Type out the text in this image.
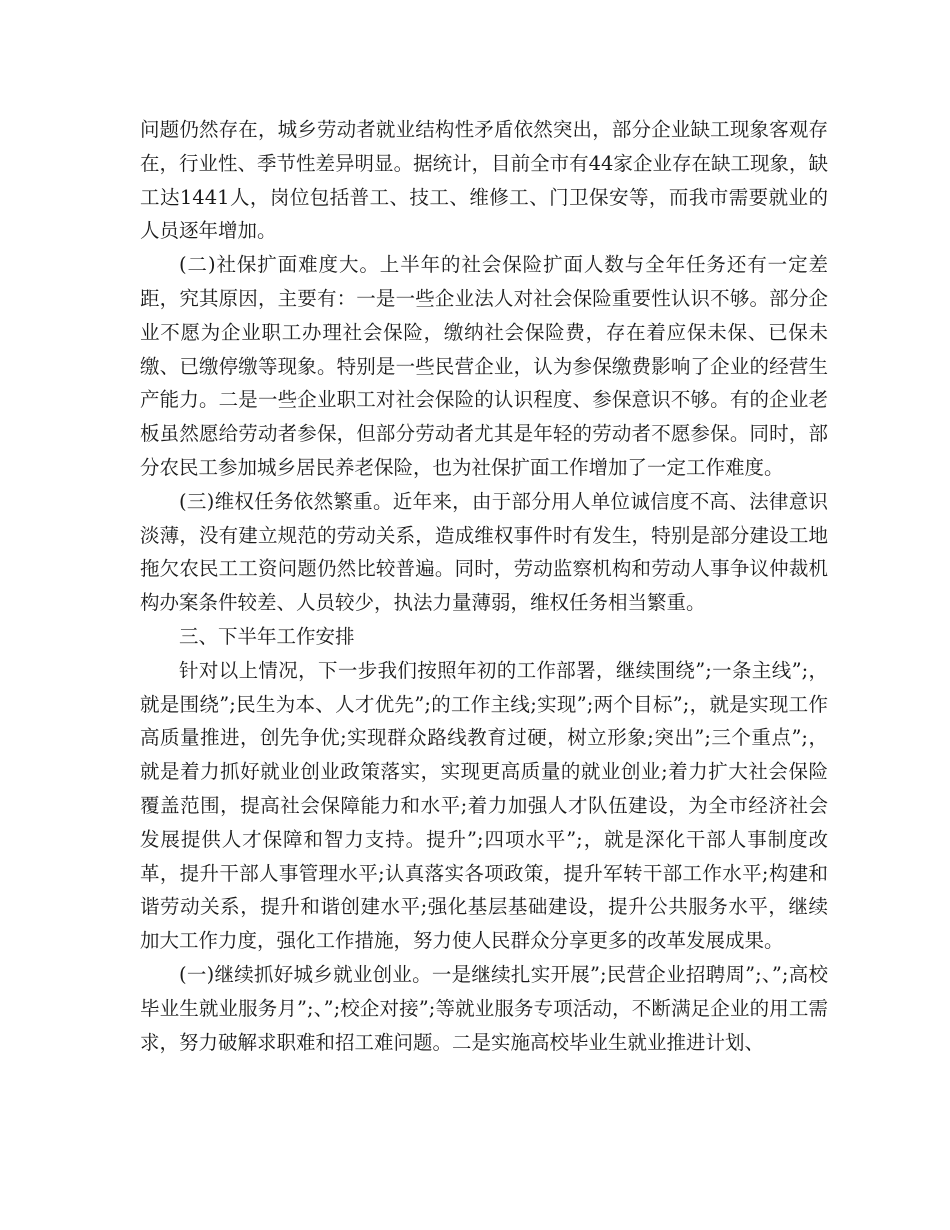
问题仍然存在，城乡劳动者就业结构性矛盾依然突出，部分企业缺工现象客观存在，行业性、季节性差异明显。据统计，目前全市有44家企业存在缺工现象，缺工达1441人，岗位包括普工、技工、维修工、门卫保安等，而我市需要就业的人员逐年增加。

(二)社保扩面难度大。上半年的社会保险扩面人数与全年任务还有一定差距，究其原因，主要有：一是一些企业法人对社会保险重要性认识不够。部分企业不愿为企业职工办理社会保险，缴纳社会保险费，存在着应保未保、已保未缴、已缴停缴等现象。特别是一些民营企业，认为参保缴费影响了企业的经营生产能力。二是一些企业职工对社会保险的认识程度、参保意识不够。有的企业老板虽然愿给劳动者参保，但部分劳动者尤其是年轻的劳动者不愿参保。同时，部分农民工参加城乡居民养老保险，也为社保扩面工作增加了一定工作难度。

(三)维权任务依然繁重。近年来，由于部分用人单位诚信度不高、法律意识淡薄，没有建立规范的劳动关系，造成维权事件时有发生，特别是部分建设工地拖欠农民工工资问题仍然比较普遍。同时，劳动监察机构和劳动人事争议仲裁机构办案条件较差、人员较少，执法力量薄弱，维权任务相当繁重。

三、下半年工作安排

针对以上情况，下一步我们按照年初的工作部署，继续围绕”;一条主线”;，就是围绕”;民生为本、人才优先”;的工作主线;实现”;两个目标”;，就是实现工作高质量推进，创先争优;实现群众路线教育过硬，树立形象;突出”;三个重点”;，就是着力抓好就业创业政策落实，实现更高质量的就业创业;着力扩大社会保险覆盖范围，提高社会保障能力和水平;着力加强人才队伍建设，为全市经济社会发展提供人才保障和智力支持。提升”;四项水平”;，就是深化干部人事制度改革，提升干部人事管理水平;认真落实各项政策，提升军转干部工作水平;构建和谐劳动关系，提升和谐创建水平;强化基层基础建设，提升公共服务水平，继续加大工作力度，强化工作措施，努力使人民群众分享更多的改革发展成果。

(一)继续抓好城乡就业创业。一是继续扎实开展”;民营企业招聘周”;、”;高校毕业生就业服务月”;、”;校企对接”;等就业服务专项活动，不断满足企业的用工需求，努力破解求职难和招工难问题。二是实施高校毕业生就业推进计划、
